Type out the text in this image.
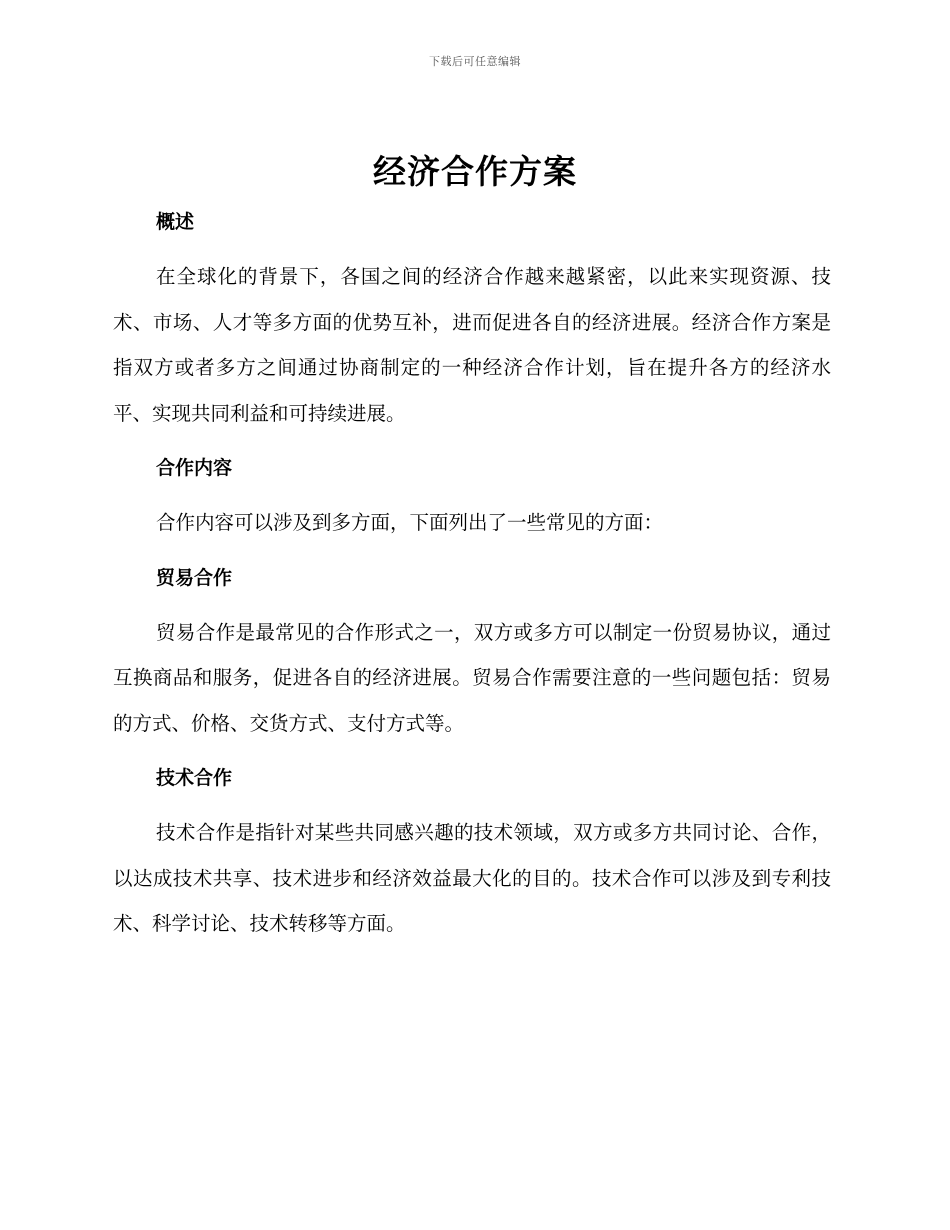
下载后可任意编辑
经济合作方案
概述

在全球化的背景下，各国之间的经济合作越来越紧密，以此来实现资源、技术、市场、人才等多方面的优势互补，进而促进各自的经济进展。经济合作方案是指双方或者多方之间通过协商制定的一种经济合作计划，旨在提升各方的经济水平、实现共同利益和可持续进展。

合作内容

合作内容可以涉及到多方面，下面列出了一些常见的方面：

贸易合作

贸易合作是最常见的合作形式之一，双方或多方可以制定一份贸易协议，通过互换商品和服务，促进各自的经济进展。贸易合作需要注意的一些问题包括：贸易的方式、价格、交货方式、支付方式等。

技术合作

技术合作是指针对某些共同感兴趣的技术领域，双方或多方共同讨论、合作，以达成技术共享、技术进步和经济效益最大化的目的。技术合作可以涉及到专利技术、科学讨论、技术转移等方面。
